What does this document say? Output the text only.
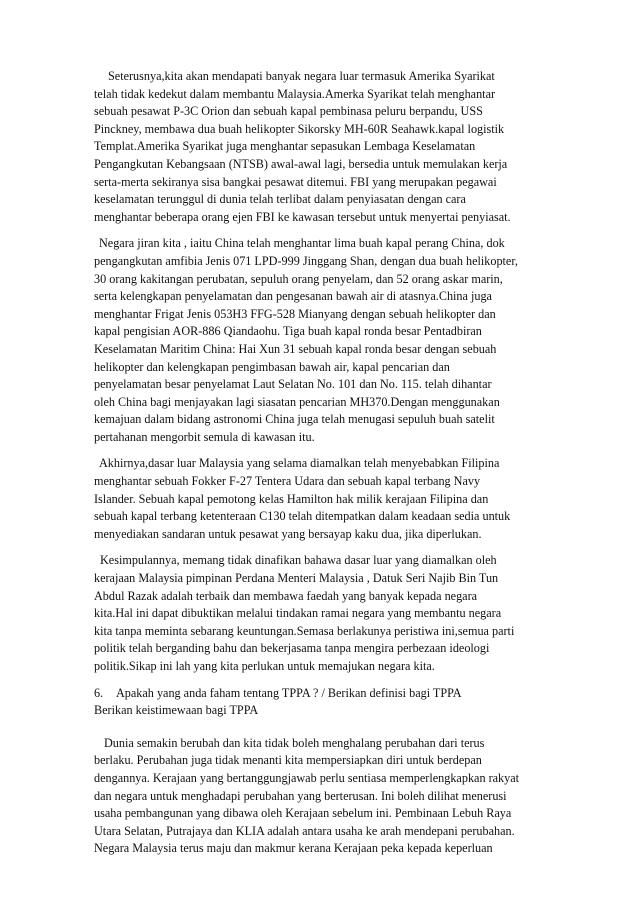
Seterusnya,kita akan mendapati banyak negara luar termasuk Amerika Syarikat
telah tidak kedekut dalam membantu Malaysia.Amerka Syarikat telah menghantar
sebuah pesawat P-3C Orion dan sebuah kapal pembinasa peluru berpandu, USS
Pinckney, membawa dua buah helikopter Sikorsky MH-60R Seahawk.kapal logistik
Templat.Amerika Syarikat juga menghantar sepasukan Lembaga Keselamatan
Pengangkutan Kebangsaan (NTSB) awal-awal lagi, bersedia untuk memulakan kerja
serta-merta sekiranya sisa bangkai pesawat ditemui. FBI yang merupakan pegawai
keselamatan terunggul di dunia telah terlibat dalam penyiasatan dengan cara
menghantar beberapa orang ejen FBI ke kawasan tersebut untuk menyertai penyiasat.
Negara jiran kita , iaitu China telah menghantar lima buah kapal perang China, dok
pengangkutan amfibia Jenis 071 LPD-999 Jinggang Shan, dengan dua buah helikopter,
30 orang kakitangan perubatan, sepuluh orang penyelam, dan 52 orang askar marin,
serta kelengkapan penyelamatan dan pengesanan bawah air di atasnya.China juga
menghantar Frigat Jenis 053H3 FFG-528 Mianyang dengan sebuah helikopter dan
kapal pengisian AOR-886 Qiandaohu. Tiga buah kapal ronda besar Pentadbiran
Keselamatan Maritim China: Hai Xun 31 sebuah kapal ronda besar dengan sebuah
helikopter dan kelengkapan pengimbasan bawah air, kapal pencarian dan
penyelamatan besar penyelamat Laut Selatan No. 101 dan No. 115. telah dihantar
oleh China bagi menjayakan lagi siasatan pencarian MH370.Dengan menggunakan
kemajuan dalam bidang astronomi China juga telah menugasi sepuluh buah satelit
pertahanan mengorbit semula di kawasan itu.
Akhirnya,dasar luar Malaysia yang selama diamalkan telah menyebabkan Filipina
menghantar sebuah Fokker F-27 Tentera Udara dan sebuah kapal terbang Navy
Islander. Sebuah kapal pemotong kelas Hamilton hak milik kerajaan Filipina dan
sebuah kapal terbang ketenteraan C130 telah ditempatkan dalam keadaan sedia untuk
menyediakan sandaran untuk pesawat yang bersayap kaku dua, jika diperlukan.
Kesimpulannya, memang tidak dinafikan bahawa dasar luar yang diamalkan oleh
kerajaan Malaysia pimpinan Perdana Menteri Malaysia , Datuk Seri Najib Bin Tun
Abdul Razak adalah terbaik dan membawa faedah yang banyak kepada negara
kita.Hal ini dapat dibuktikan melalui tindakan ramai negara yang membantu negara
kita tanpa meminta sebarang keuntungan.Semasa berlakunya peristiwa ini,semua parti
politik telah berganding bahu dan bekerjasama tanpa mengira perbezaan ideologi
politik.Sikap ini lah yang kita perlukan untuk memajukan negara kita.
6. Apakah yang anda faham tentang TPPA ? / Berikan definisi bagi TPPA
Berikan keistimewaan bagi TPPA
Dunia semakin berubah dan kita tidak boleh menghalang perubahan dari terus
berlaku. Perubahan juga tidak menanti kita mempersiapkan diri untuk berdepan
dengannya. Kerajaan yang bertanggungjawab perlu sentiasa memperlengkapkan rakyat
dan negara untuk menghadapi perubahan yang berterusan. Ini boleh dilihat menerusi
usaha pembangunan yang dibawa oleh Kerajaan sebelum ini. Pembinaan Lebuh Raya
Utara Selatan, Putrajaya dan KLIA adalah antara usaha ke arah mendepani perubahan.
Negara Malaysia terus maju dan makmur kerana Kerajaan peka kepada keperluan
